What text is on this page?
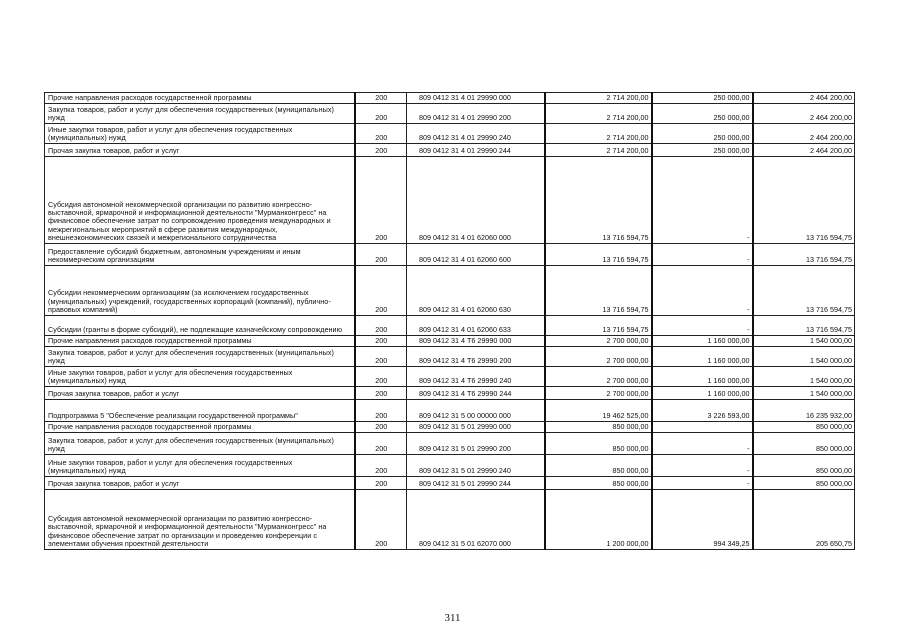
Прочие направления расходов государственной программы	200	809 0412 31 4 01 29990 000	2 714 200,00	250 000,00	2 464 200,00
Закупка товаров, работ и услуг для обеспечения государственных (муниципальных) нужд	200	809 0412 31 4 01 29990 200	2 714 200,00	250 000,00	2 464 200,00
Иные закупки товаров, работ и услуг для обеспечения государственных (муниципальных) нужд	200	809 0412 31 4 01 29990 240	2 714 200,00	250 000,00	2 464 200,00
Прочая закупка товаров, работ и услуг	200	809 0412 31 4 01 29990 244	2 714 200,00	250 000,00	2 464 200,00
Субсидия автономной некоммерческой организации по развитию конгрессно-выставочной, ярмарочной и информационной деятельности "Мурманконгресс" на финансовое обеспечение затрат по сопровождению проведения международных и межрегиональных мероприятий в сфере развития международных, внешнеэкономических связей и межрегионального сотрудничества	200	809 0412 31 4 01 62060 000	13 716 594,75	-	13 716 594,75
Предоставление субсидий бюджетным, автономным учреждениям и иным некоммерческим организациям	200	809 0412 31 4 01 62060 600	13 716 594,75	-	13 716 594,75
Субсидии некоммерческим организациям (за исключением государственных (муниципальных) учреждений, государственных корпораций (компаний), публично-правовых компаний)	200	809 0412 31 4 01 62060 630	13 716 594,75	-	13 716 594,75
Субсидии (гранты в форме субсидий), не подлежащие казначейскому сопровождению	200	809 0412 31 4 01 62060 633	13 716 594,75	-	13 716 594,75
Прочие направления расходов государственной программы	200	809 0412 31 4 Т6 29990 000	2 700 000,00	1 160 000,00	1 540 000,00
Закупка товаров, работ и услуг для обеспечения государственных (муниципальных) нужд	200	809 0412 31 4 Т6 29990 200	2 700 000,00	1 160 000,00	1 540 000,00
Иные закупки товаров, работ и услуг для обеспечения государственных (муниципальных) нужд	200	809 0412 31 4 Т6 29990 240	2 700 000,00	1 160 000,00	1 540 000,00
Прочая закупка товаров, работ и услуг	200	809 0412 31 4 Т6 29990 244	2 700 000,00	1 160 000,00	1 540 000,00
Подпрограмма 5 "Обеспечение реализации государственной программы"	200	809 0412 31 5 00 00000 000	19 462 525,00	3 226 593,00	16 235 932,00
Прочие направления расходов государственной программы	200	809 0412 31 5 01 29990 000	850 000,00		850 000,00
Закупка товаров, работ и услуг для обеспечения государственных (муниципальных) нужд	200	809 0412 31 5 01 29990 200	850 000,00	-	850 000,00
Иные закупки товаров, работ и услуг для обеспечения государственных (муниципальных) нужд	200	809 0412 31 5 01 29990 240	850 000,00	-	850 000,00
Прочая закупка товаров, работ и услуг	200	809 0412 31 5 01 29990 244	850 000,00	-	850 000,00
Субсидия автономной некоммерческой организации по развитию конгрессно-выставочной, ярмарочной и информационной деятельности "Мурманконгресс" на финансовое обеспечение затрат по организации и проведению конференции с элементами обучения проектной деятельности	200	809 0412 31 5 01 62070 000	1 200 000,00	994 349,25	205 650,75
311
